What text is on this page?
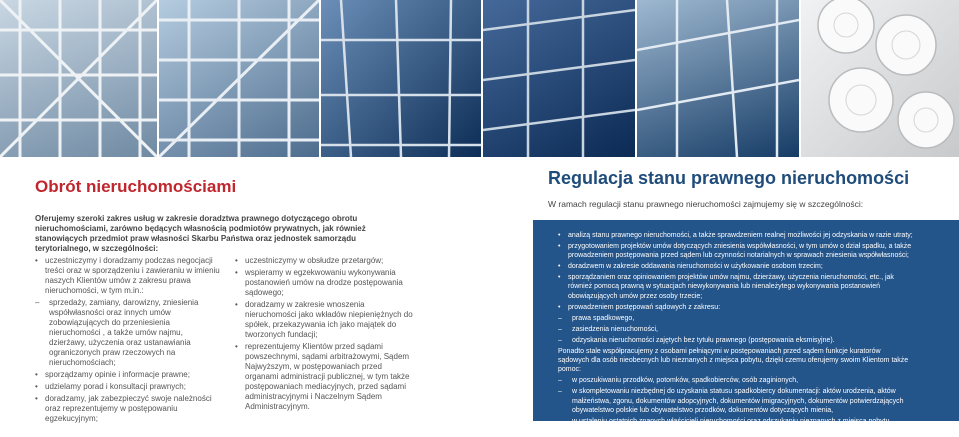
Obrót nieruchomościami

Oferujemy szeroki zakres usług w zakresie doradztwa prawnego dotyczącego obrotu nieruchomościami, zarówno będących własnością podmiotów prywatnych, jak również stanowiących przedmiot praw własności Skarbu Państwa oraz jednostek samorządu terytorialnego, w szczególności:

• uczestniczymy i doradzamy podczas negocjacji treści oraz w sporządzeniu i zawieraniu w imieniu naszych Klientów umów z zakresu prawa nieruchomości, w tym m.in.:
– sprzedaży, zamiany, darowizny, zniesienia współwłasności oraz innych umów zobowiązujących do przeniesienia nieruchomości , a także umów najmu, dzierżawy, użyczenia oraz ustanawiania ograniczonych praw rzeczowych na nieruchomościach;
• sporządzamy opinie i informacje prawne;
• udzielamy porad i konsultacji prawnych;
• doradzamy, jak zabezpieczyć swoje należności oraz reprezentujemy w postępowaniu egzekucyjnym;
• uczestniczymy w obsłudze przetargów;
• wspieramy w egzekwowaniu wykonywania postanowień umów na drodze postępowania sądowego;
• doradzamy w zakresie wnoszenia nieruchomości jako wkładów niepieniężnych do spółek, przekazywania ich jako majątek do tworzonych fundacji;
• reprezentujemy Klientów przed sądami powszechnymi, sądami arbitrażowymi, Sądem Najwyższym, w postępowaniach przed organami administracji publicznej, w tym także postępowaniach mediacyjnych, przed sądami administracyjnymi i Naczelnym Sądem Administracyjnym.
Regulacja stanu prawnego nieruchomości

W ramach regulacji stanu prawnego nieruchomości zajmujemy się w szczególności:

• analizą stanu prawnego nieruchomości, a także sprawdzeniem realnej możliwości jej odzyskania w razie utraty;
• przygotowaniem projektów umów dotyczących zniesienia współwłasności, w tym umów o dział spadku, a także prowadzeniem postępowania przed sądem lub czynności notarialnych w sprawach zniesienia współwłasności;
• doradzwem w zakresie oddawania nieruchomości w użytkowanie osobom trzecim;
• sporządzaniem oraz opiniowaniem projektów umów najmu, dzierżawy, użyczenia nieruchomości, etc., jak również pomocą prawną w sytuacjach niewykonywania lub nienależytego wykonywania postanowień obowiązujących umów przez osoby trzecie;
• prowadzeniem postępowań sądowych z zakresu:
– prawa spadkowego,
– zasiedzenia nieruchomości,
– odzyskania nieruchomości zajętych bez tytułu prawnego (postępowania eksmisyjne).
Ponadto stale współpracujemy z osobami pełniącymi w postępowaniach przed sądem funkcje kuratorów sądowych dla osób nieobecnych lub nieznanych z miejsca pobytu, dzięki czemu oferujemy swoim Klientom także pomoc:
– w poszukiwaniu przodków, potomków, spadkobierców, osób zaginionych,
– w skompletowaniu niezbędnej do uzyskania statusu spadkobiercy dokumentacji: aktów urodzenia, aktów małżeństwa, zgonu, dokumentów adopcyjnych, dokumentów imigracyjnych, dokumentów potwierdzających obywatelstwo polskie lub obywatelstwo przodków, dokumentów dotyczących mienia,
– w ustaleniu ostatnich znanych właścicieli nieruchomości oraz odszukaniu nieznanych z miejsca pobytu właścicieli nieruchomości lub ich spadkobierców.
